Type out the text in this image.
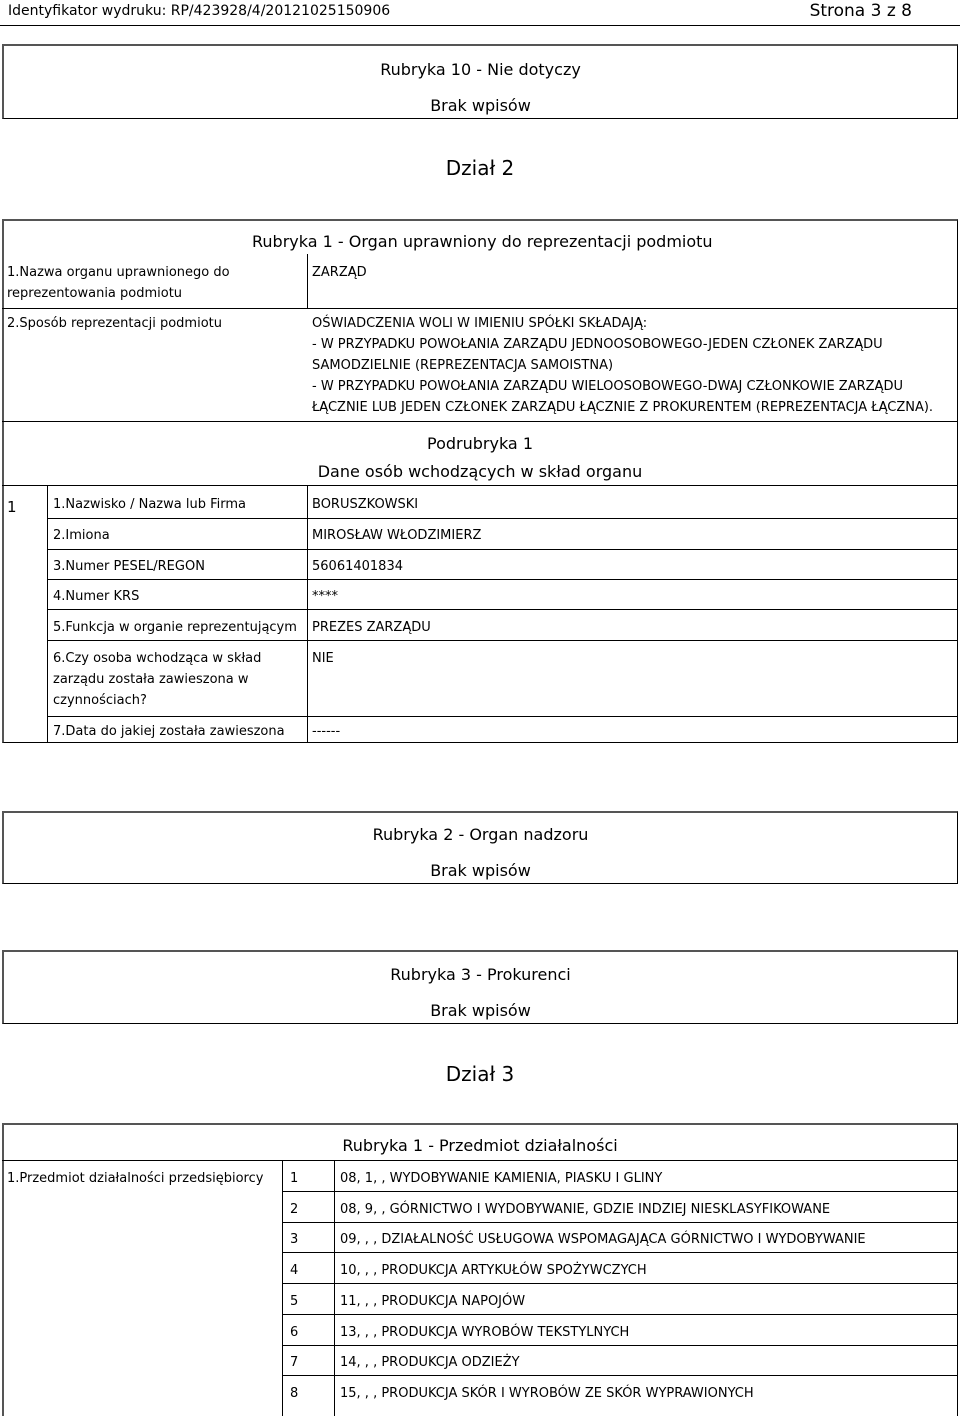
Identyfikator wydruku: RP/423928/4/20121025150906	Strona 3 z 8
Rubryka 10 - Nie dotyczy
Brak wpisów
Dział 2
Rubryka 1 - Organ uprawniony do reprezentacji podmiotu
1.Nazwa organu uprawnionego do reprezentowania podmiotu
ZARZĄD
2.Sposób reprezentacji podmiotu	OŚWIADCZENIA WOLI W IMIENIU SPÓŁKI SKŁADAJĄ:
- W PRZYPADKU POWOŁANIA ZARZĄDU JEDNOOSOBOWEGO-JEDEN CZŁONEK ZARZĄDU
SAMODZIELNIE (REPREZENTACJA SAMOISTNA)
- W PRZYPADKU POWOŁANIA ZARZĄDU WIELOOSOBOWEGO-DWAJ CZŁONKOWIE ZARZĄDU
ŁĄCZNIE LUB JEDEN CZŁONEK ZARZĄDU ŁĄCZNIE Z PROKURENTEM (REPREZENTACJA ŁĄCZNA).
Podrubryka 1
Dane osób wchodzących w skład organu
1	1.Nazwisko / Nazwa lub Firma	BORUSZKOWSKI
2.Imiona	MIROSŁAW WŁODZIMIERZ
3.Numer PESEL/REGON	56061401834
4.Numer KRS	****
5.Funkcja w organie reprezentującym PREZES ZARZĄDU
6.Czy osoba wchodząca w skład
zarządu została zawieszona w
czynnościach?
NIE
7.Data do jakiej została zawieszona ------
Rubryka 2 - Organ nadzoru
Brak wpisów
Rubryka 3 - Prokurenci
Brak wpisów
Dział 3
Rubryka 1 - Przedmiot działalności
1.Przedmiot działalności przedsiębiorcy 1	08, 1, , WYDOBYWANIE KAMIENIA, PIASKU I GLINY
2	08, 9, , GÓRNICTWO I WYDOBYWANIE, GDZIE INDZIEJ NIESKLASYFIKOWANE
3	09, , , DZIAŁALNOŚĆ USŁUGOWA WSPOMAGAJĄCA GÓRNICTWO I WYDOBYWANIE
4	10, , , PRODUKCJA ARTYKUŁÓW SPOŻYWCZYCH
5	11, , , PRODUKCJA NAPOJÓW
6	13, , , PRODUKCJA WYROBÓW TEKSTYLNYCH
7	14, , , PRODUKCJA ODZIEŻY
8	15, , , PRODUKCJA SKÓR I WYROBÓW ZE SKÓR WYPRAWIONYCH
